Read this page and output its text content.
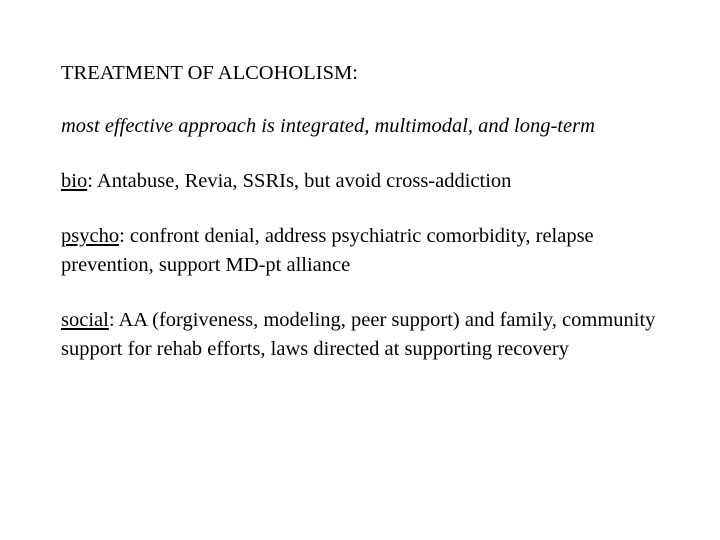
TREATMENT OF ALCOHOLISM:
most effective approach is integrated, multimodal, and long-term
bio: Antabuse, Revia, SSRIs, but avoid cross-addiction
psycho: confront denial, address psychiatric comorbidity, relapse prevention, support MD-pt alliance
social: AA (forgiveness, modeling, peer support) and family, community support for rehab efforts, laws directed at supporting recovery
